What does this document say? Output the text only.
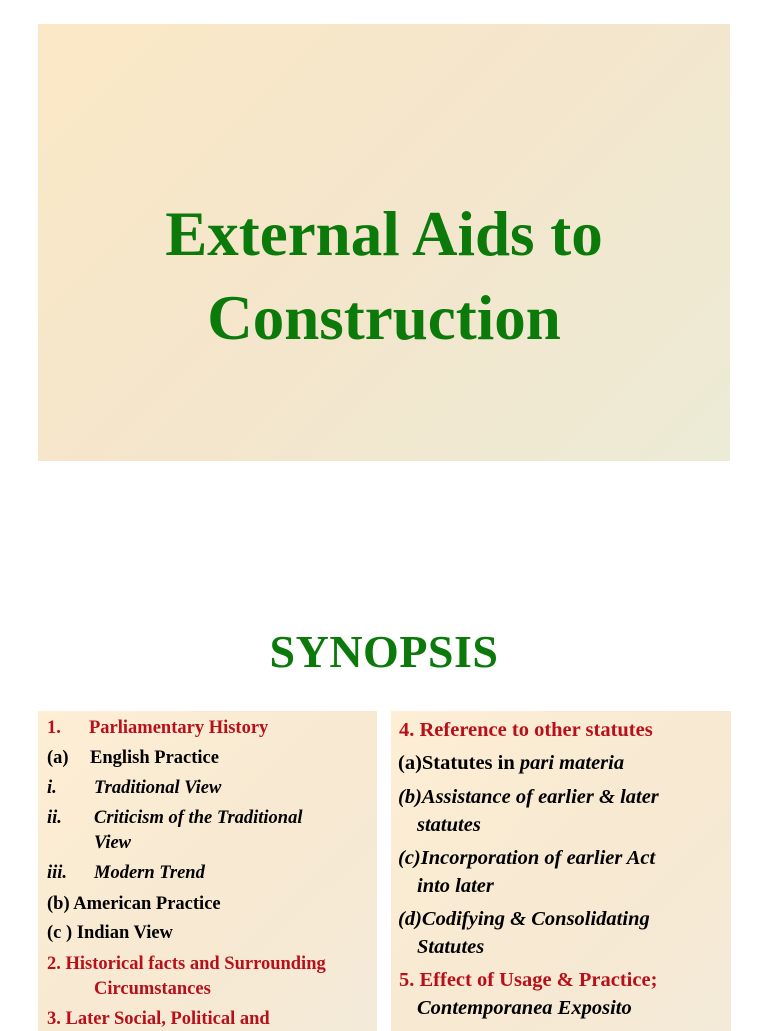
External Aids to
Construction
SYNOPSIS
1. Parliamentary History
(a) English Practice
i. Traditional View
ii. Criticism of the Traditional
View
iii. Modern Trend
(b) American Practice
(c ) Indian View
2. Historical facts and Surrounding
Circumstances
3. Later Social, Political and
4. Reference to other statutes
(a)Statutes in pari materia
(b)Assistance of earlier & later
statutes
(c)Incorporation of earlier Act
into later
(d)Codifying & Consolidating
Statutes
5. Effect of Usage & Practice;
Contemporanea Exposito
